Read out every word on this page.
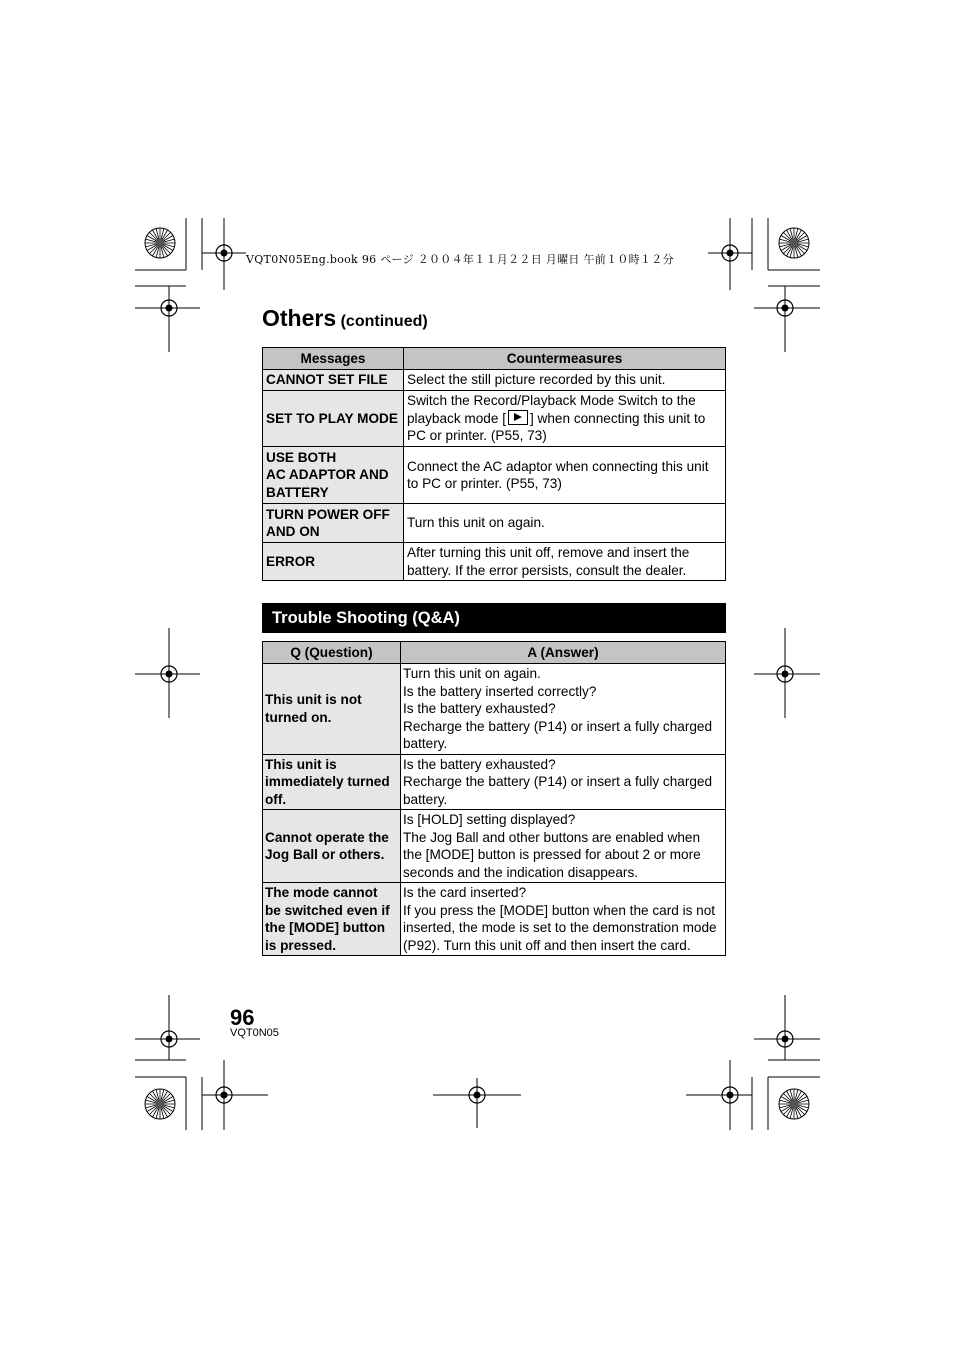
VQT0N05Eng.book 96 ページ ２００４年１１月２２日 月曜日 午前１０時１２分
Others (continued)
Messages	Countermeasures
CANNOT SET FILE	Select the still picture recorded by this unit.
SET TO PLAY MODE	Switch the Record/Playback Mode Switch to the playback mode [ ] when connecting this unit to PC or printer. (P55, 73)
USE BOTH
AC ADAPTOR AND
BATTERY	Connect the AC adaptor when connecting this unit to PC or printer. (P55, 73)
TURN POWER OFF
AND ON	Turn this unit on again.
ERROR	After turning this unit off, remove and insert the battery. If the error persists, consult the dealer.
Trouble Shooting (Q&A)
Q (Question)	A (Answer)
This unit is not turned on.	Turn this unit on again.
Is the battery inserted correctly?
Is the battery exhausted?
Recharge the battery (P14) or insert a fully charged battery.
This unit is immediately turned off.	Is the battery exhausted?
Recharge the battery (P14) or insert a fully charged battery.
Cannot operate the Jog Ball or others.	Is [HOLD] setting displayed?
The Jog Ball and other buttons are enabled when the [MODE] button is pressed for about 2 or more seconds and the indication disappears.
The mode cannot be switched even if the [MODE] button is pressed.	Is the card inserted?
If you press the [MODE] button when the card is not inserted, the mode is set to the demonstration mode (P92). Turn this unit off and then insert the card.
96
VQT0N05
